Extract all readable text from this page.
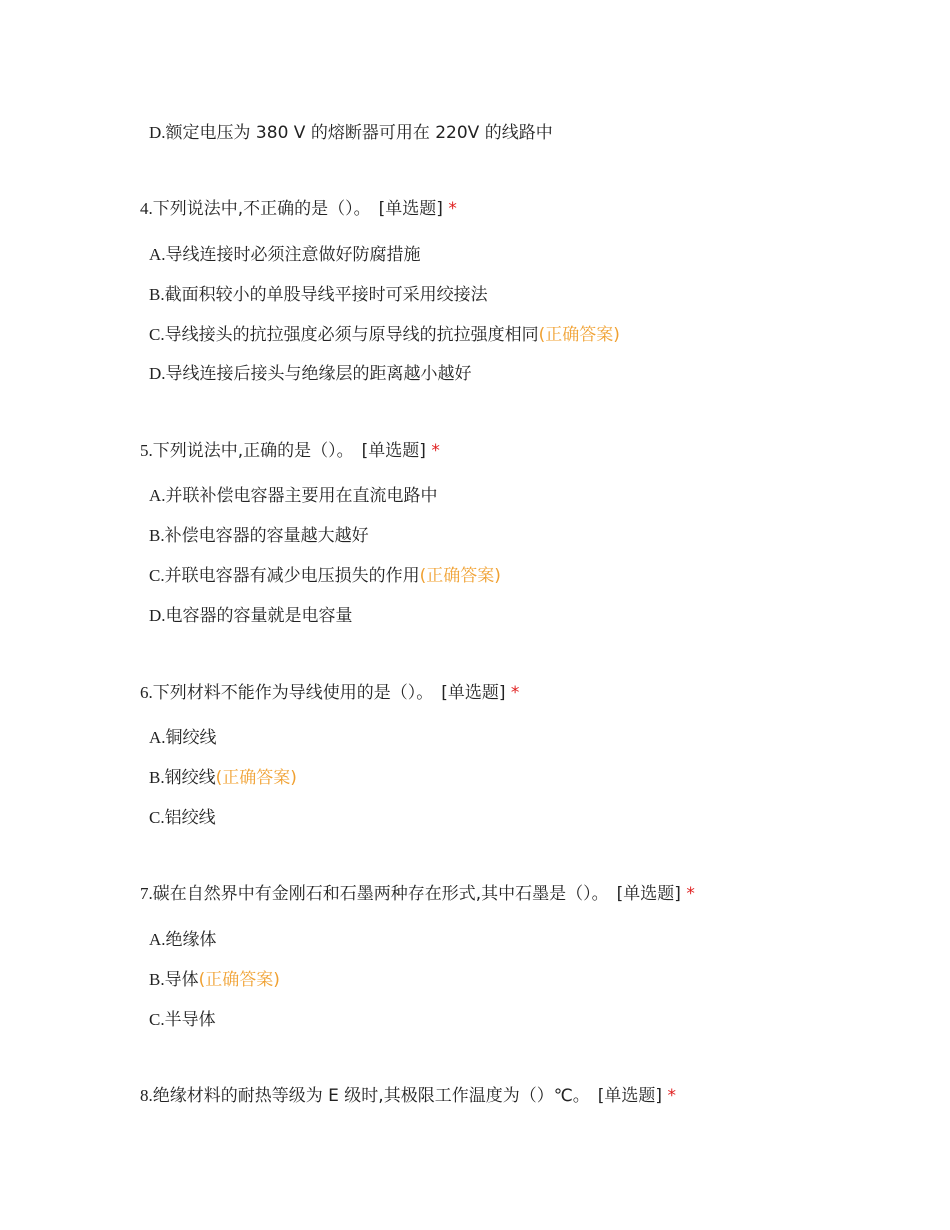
D.额定电压为 380 V 的熔断器可用在 220V 的线路中
4.下列说法中,不正确的是（）。 [单选题] *
A.导线连接时必须注意做好防腐措施
B.截面积较小的单股导线平接时可采用绞接法
C.导线接头的抗拉强度必须与原导线的抗拉强度相同(正确答案)
D.导线连接后接头与绝缘层的距离越小越好
5.下列说法中,正确的是（）。 [单选题] *
A.并联补偿电容器主要用在直流电路中
B.补偿电容器的容量越大越好
C.并联电容器有减少电压损失的作用(正确答案)
D.电容器的容量就是电容量
6.下列材料不能作为导线使用的是（）。 [单选题] *
A.铜绞线
B.钢绞线(正确答案)
C.铝绞线
7.碳在自然界中有金刚石和石墨两种存在形式,其中石墨是（）。 [单选题] *
A.绝缘体
B.导体(正确答案)
C.半导体
8.绝缘材料的耐热等级为 E 级时,其极限工作温度为（）℃。 [单选题] *
